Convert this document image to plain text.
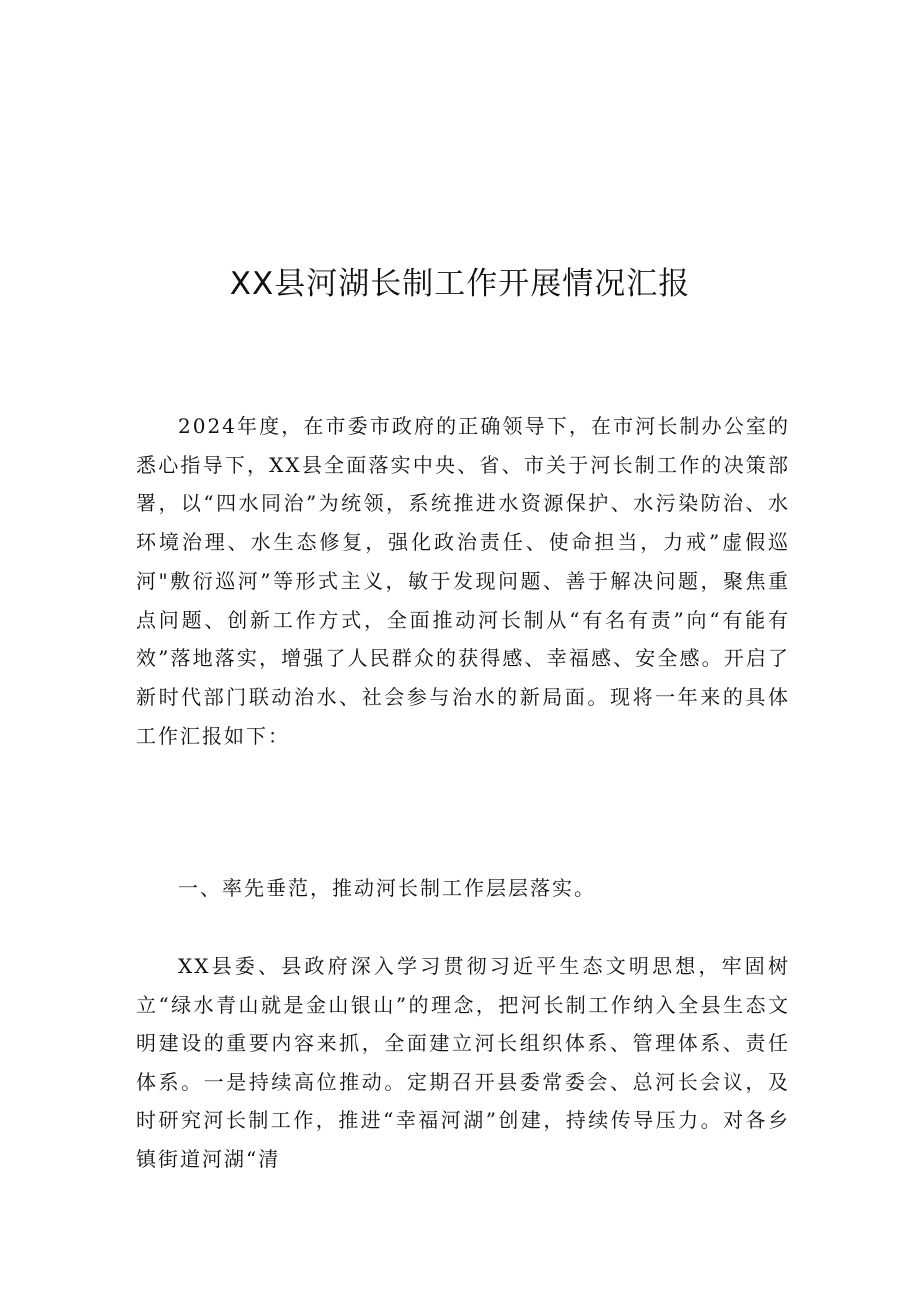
XX县河湖长制工作开展情况汇报

2024年度，在市委市政府的正确领导下，在市河长制办公室的悉心指导下，XX县全面落实中央、省、市关于河长制工作的决策部署，以“四水同治”为统领，系统推进水资源保护、水污染防治、水环境治理、水生态修复，强化政治责任、使命担当，力戒”虚假巡河"敷衍巡河”等形式主义，敏于发现问题、善于解决问题，聚焦重点问题、创新工作方式，全面推动河长制从“有名有责”向“有能有效”落地落实，增强了人民群众的获得感、幸福感、安全感。开启了新时代部门联动治水、社会参与治水的新局面。现将一年来的具体工作汇报如下：

一、率先垂范，推动河长制工作层层落实。

XX县委、县政府深入学习贯彻习近平生态文明思想，牢固树立“绿水青山就是金山银山”的理念，把河长制工作纳入全县生态文明建设的重要内容来抓，全面建立河长组织体系、管理体系、责任体系。一是持续高位推动。定期召开县委常委会、总河长会议，及时研究河长制工作，推进“幸福河湖”创建，持续传导压力。对各乡镇街道河湖“清
